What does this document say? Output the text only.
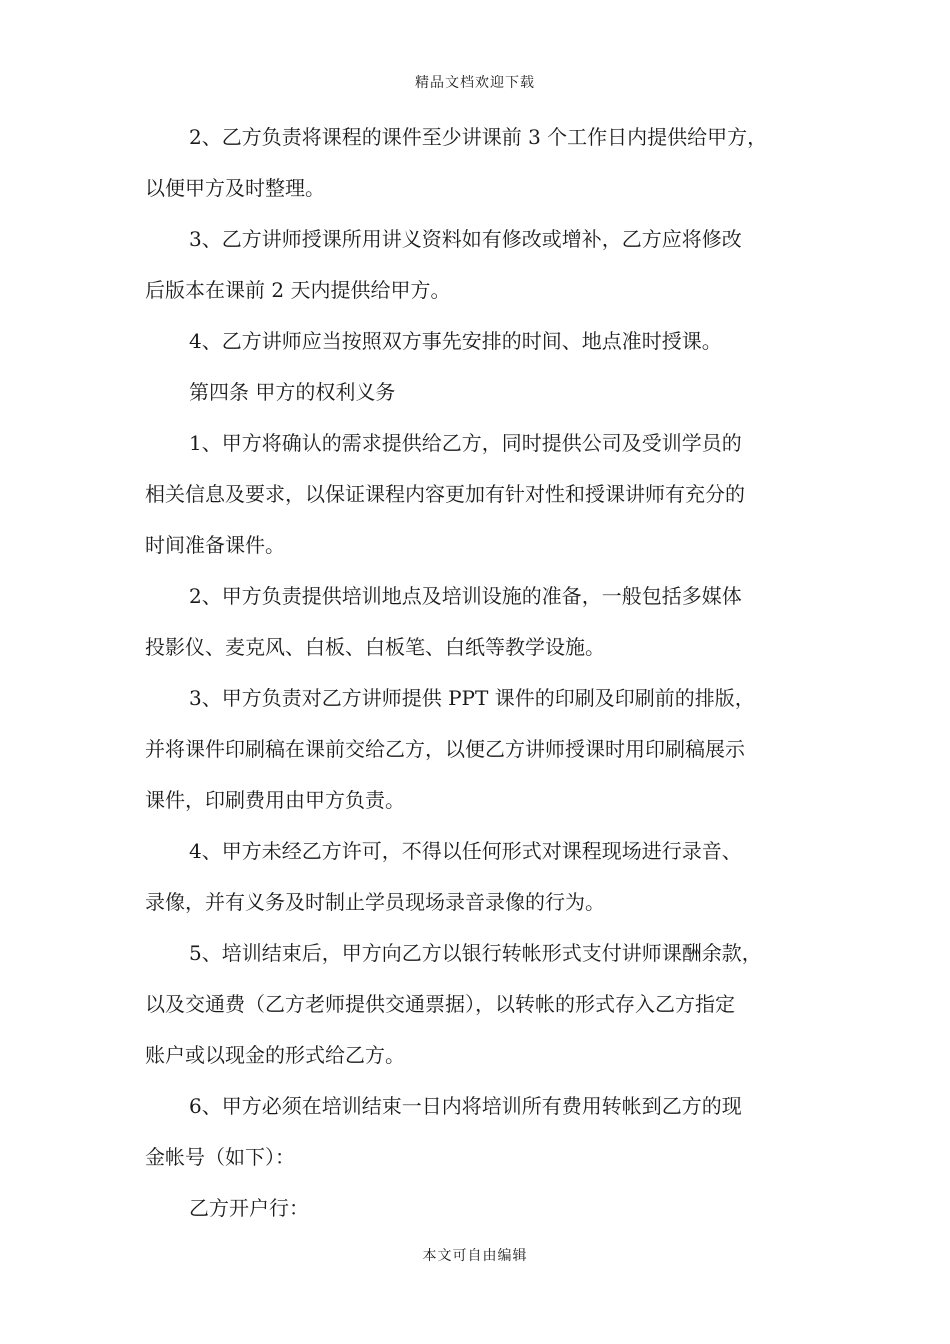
精品文档欢迎下载
2、乙方负责将课程的课件至少讲课前 3 个工作日内提供给甲方，
以便甲方及时整理。
3、乙方讲师授课所用讲义资料如有修改或增补，乙方应将修改
后版本在课前 2 天内提供给甲方。
4、乙方讲师应当按照双方事先安排的时间、地点准时授课。
第四条 甲方的权利义务
1、甲方将确认的需求提供给乙方，同时提供公司及受训学员的
相关信息及要求，以保证课程内容更加有针对性和授课讲师有充分的
时间准备课件。
2、甲方负责提供培训地点及培训设施的准备，一般包括多媒体
投影仪、麦克风、白板、白板笔、白纸等教学设施。
3、甲方负责对乙方讲师提供 PPT 课件的印刷及印刷前的排版，
并将课件印刷稿在课前交给乙方，以便乙方讲师授课时用印刷稿展示
课件，印刷费用由甲方负责。
4、甲方未经乙方许可，不得以任何形式对课程现场进行录音、
录像，并有义务及时制止学员现场录音录像的行为。
5、培训结束后，甲方向乙方以银行转帐形式支付讲师课酬余款，
以及交通费（乙方老师提供交通票据），以转帐的形式存入乙方指定
账户或以现金的形式给乙方。
6、甲方必须在培训结束一日内将培训所有费用转帐到乙方的现
金帐号（如下）：
乙方开户行：
本文可自由编辑
